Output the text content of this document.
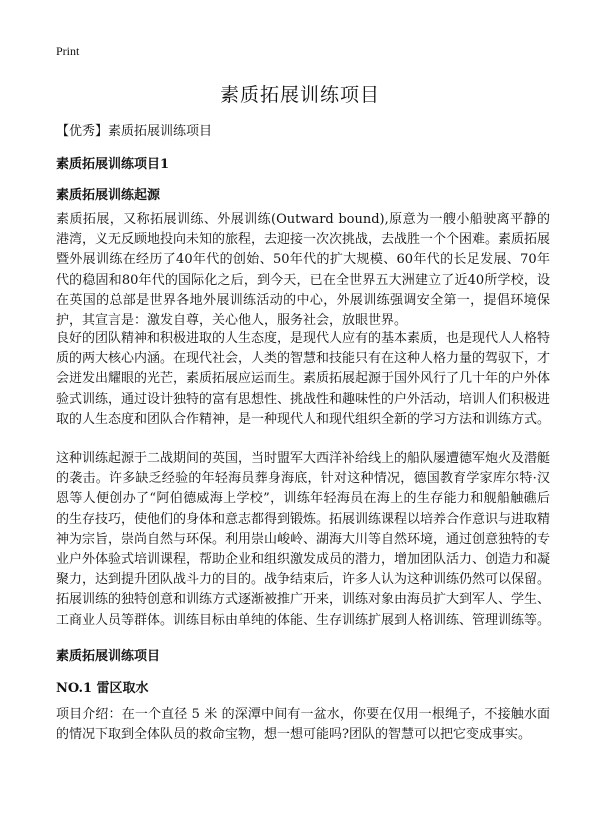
Print
素质拓展训练项目
【优秀】素质拓展训练项目
素质拓展训练项目1
素质拓展训练起源

素质拓展，又称拓展训练、外展训练(Outward bound),原意为一艘小船驶离平静的港湾，义无反顾地投向未知的旅程，去迎接一次次挑战，去战胜一个个困难。素质拓展暨外展训练在经历了40年代的创始、50年代的扩大规模、60年代的长足发展、70年代的稳固和80年代的国际化之后，到今天，已在全世界五大洲建立了近40所学校，设在英国的总部是世界各地外展训练活动的中心，外展训练强调安全第一，提倡环境保护，其宣言是：激发自尊，关心他人，服务社会，放眼世界。

良好的团队精神和积极进取的人生态度，是现代人应有的基本素质，也是现代人人格特质的两大核心内涵。在现代社会，人类的智慧和技能只有在这种人格力量的驾驭下，才会迸发出耀眼的光芒，素质拓展应运而生。素质拓展起源于国外风行了几十年的户外体验式训练，通过设计独特的富有思想性、挑战性和趣味性的户外活动，培训人们积极进取的人生态度和团队合作精神，是一种现代人和现代组织全新的学习方法和训练方式。

这种训练起源于二战期间的英国，当时盟军大西洋补给线上的船队屡遭德军炮火及潜艇的袭击。许多缺乏经验的年轻海员葬身海底，针对这种情况，德国教育学家库尔特·汉恩等人便创办了“阿伯德威海上学校”，训练年轻海员在海上的生存能力和舰船触礁后的生存技巧，使他们的身体和意志都得到锻炼。拓展训练课程以培养合作意识与进取精神为宗旨，崇尚自然与环保。利用崇山峻岭、湖海大川等自然环境，通过创意独特的专业户外体验式培训课程，帮助企业和组织激发成员的潜力，增加团队活力、创造力和凝聚力，达到提升团队战斗力的目的。战争结束后，许多人认为这种训练仍然可以保留。拓展训练的独特创意和训练方式逐渐被推广开来，训练对象由海员扩大到军人、学生、工商业人员等群体。训练目标由单纯的体能、生存训练扩展到人格训练、管理训练等。

素质拓展训练项目
NO.1 雷区取水

项目介绍：在一个直径 5 米 的深潭中间有一盆水，你要在仅用一根绳子，不接触水面的情况下取到全体队员的救命宝物，想一想可能吗?团队的智慧可以把它变成事实。
